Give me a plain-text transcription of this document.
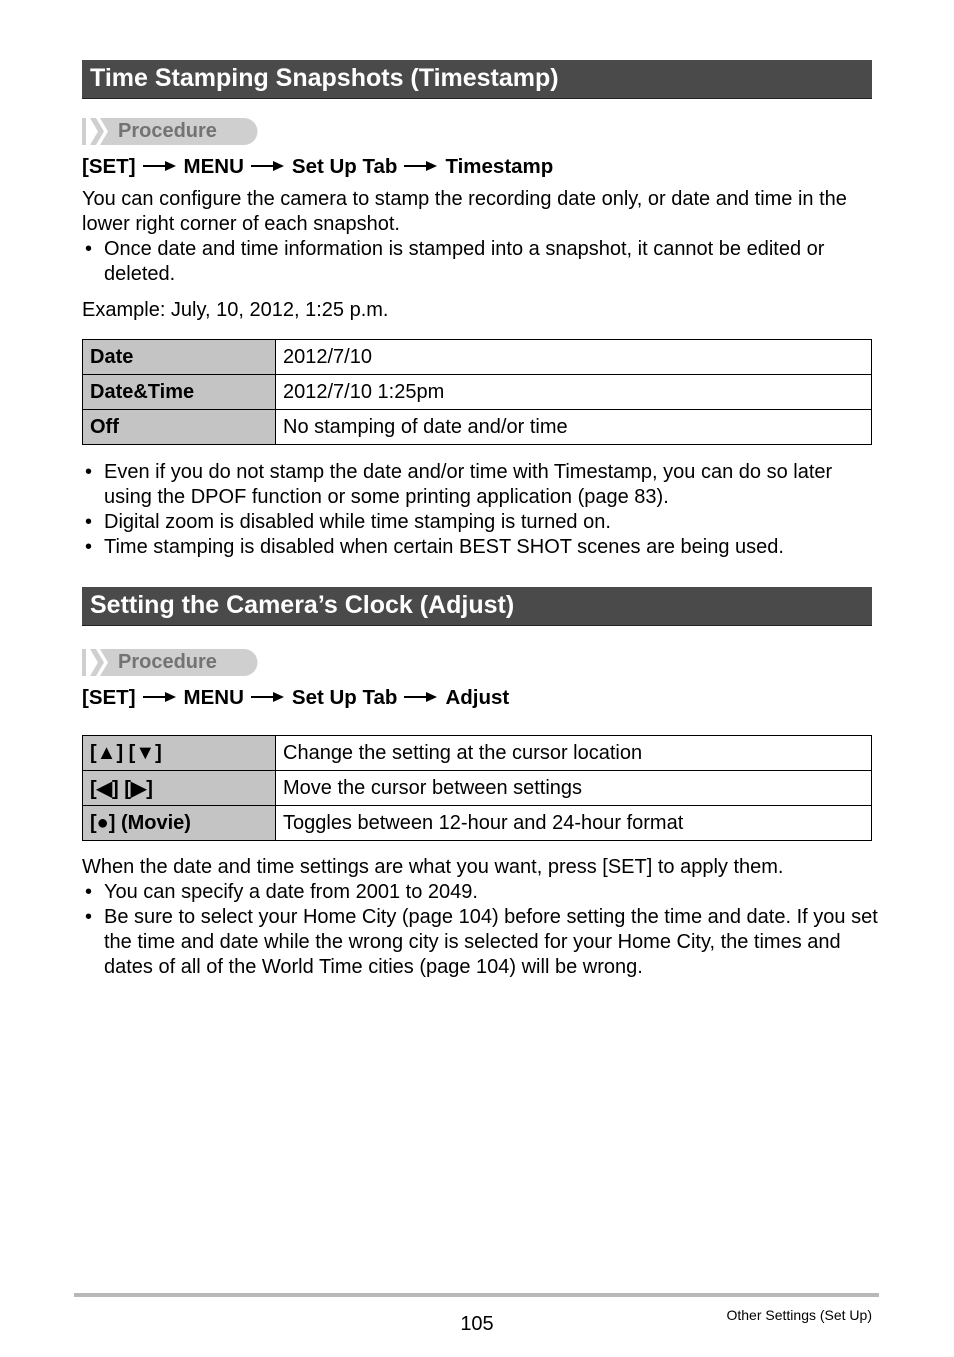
Time Stamping Snapshots (Timestamp)
Procedure
[SET] MENU Set Up Tab Timestamp
You can configure the camera to stamp the recording date only, or date and time in the lower right corner of each snapshot.
• Once date and time information is stamped into a snapshot, it cannot be edited or deleted.
Example: July, 10, 2012, 1:25 p.m.
Date	2012/7/10
Date&Time	2012/7/10 1:25pm
Off	No stamping of date and/or time
• Even if you do not stamp the date and/or time with Timestamp, you can do so later using the DPOF function or some printing application (page 83).
• Digital zoom is disabled while time stamping is turned on.
• Time stamping is disabled when certain BEST SHOT scenes are being used.
Setting the Camera’s Clock (Adjust)
Procedure
[SET] MENU Set Up Tab Adjust
[▲] [▼]	Change the setting at the cursor location
[◀] [▶]	Move the cursor between settings
[●] (Movie)	Toggles between 12-hour and 24-hour format
When the date and time settings are what you want, press [SET] to apply them.
• You can specify a date from 2001 to 2049.
• Be sure to select your Home City (page 104) before setting the time and date. If you set the time and date while the wrong city is selected for your Home City, the times and dates of all of the World Time cities (page 104) will be wrong.
105	Other Settings (Set Up)
